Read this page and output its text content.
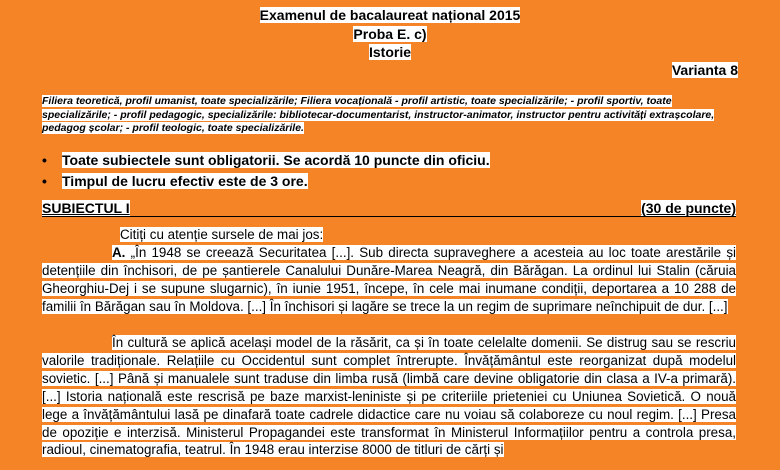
Examenul de bacalaureat național 2015
Proba E. c)
Istorie
Varianta 8
Filiera teoretică, profil umanist, toate specializările; Filiera vocațională - profil artistic, toate specializările; - profil sportiv, toate specializările; - profil pedagogic, specializările: bibliotecar-documentarist, instructor-animator, instructor pentru activități extrașcolare, pedagog școlar; - profil teologic, toate specializările.
• Toate subiectele sunt obligatorii. Se acordă 10 puncte din oficiu.
• Timpul de lucru efectiv este de 3 ore.
SUBIECTUL I	(30 de puncte)
Citiți cu atenție sursele de mai jos:
A. „În 1948 se creează Securitatea [...]. Sub directa supraveghere a acesteia au loc toate arestările și detențiile din închisori, de pe șantierele Canalului Dunăre-Marea Neagră, din Bărăgan. La ordinul lui Stalin (căruia Gheorghiu-Dej i se supune slugarnic), în iunie 1951, începe, în cele mai inumane condiții, deportarea a 10 288 de familii în Bărăgan sau în Moldova. [...] În închisori și lagăre se trece la un regim de suprimare neînchipuit de dur. [...]
În cultură se aplică același model de la răsărit, ca și în toate celelalte domenii. Se distrug sau se rescriu valorile tradiționale. Relațiile cu Occidentul sunt complet întrerupte. Învățământul este reorganizat după modelul sovietic. [...] Până și manualele sunt traduse din limba rusă (limbă care devine obligatorie din clasa a IV-a primară). [...] Istoria națională este rescrisă pe baze marxist-leniniste și pe criteriile prieteniei cu Uniunea Sovietică. O nouă lege a învățământului lasă pe dinafară toate cadrele didactice care nu voiau să colaboreze cu noul regim. [...] Presa de opoziție e interzisă. Ministerul Propagandei este transformat în Ministerul Informațiilor pentru a controla presa, radioul, cinematografia, teatrul. În 1948 erau interzise 8000 de titluri de cărți și
